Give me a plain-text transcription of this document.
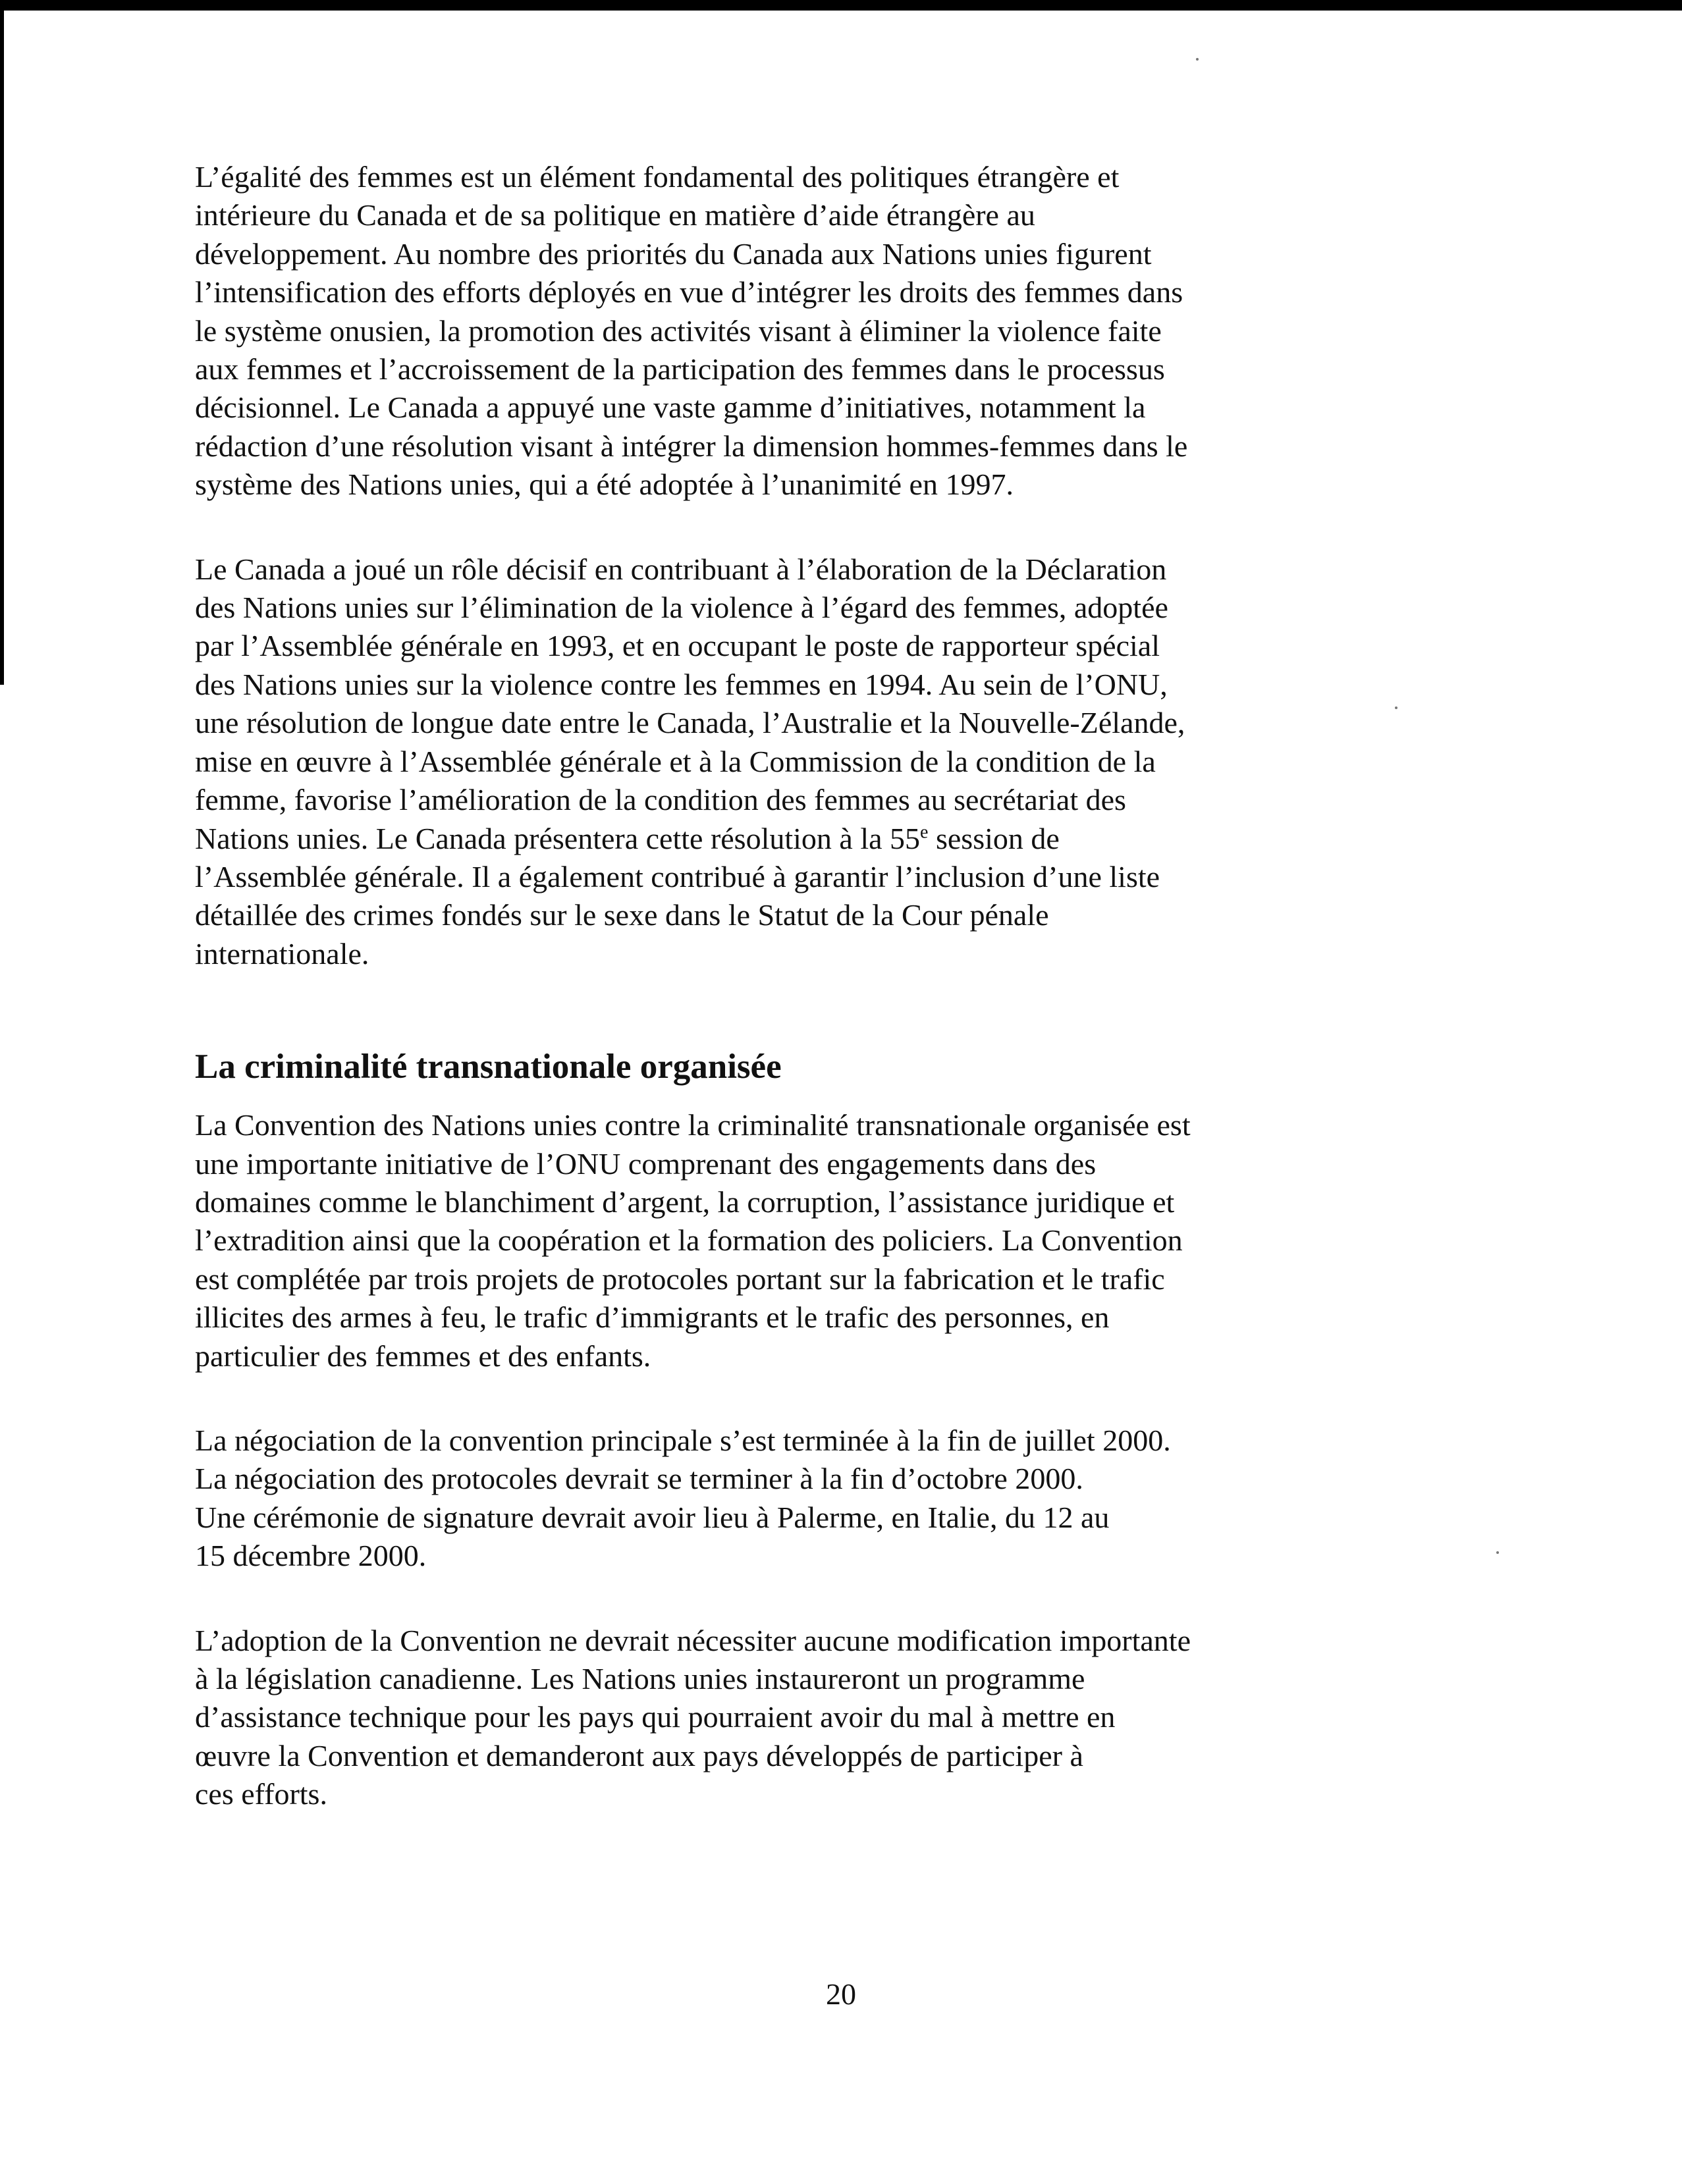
L’égalité des femmes est un élément fondamental des politiques étrangère et
intérieure du Canada et de sa politique en matière d’aide étrangère au
développement. Au nombre des priorités du Canada aux Nations unies figurent
l’intensification des efforts déployés en vue d’intégrer les droits des femmes dans
le système onusien, la promotion des activités visant à éliminer la violence faite
aux femmes et l’accroissement de la participation des femmes dans le processus
décisionnel. Le Canada a appuyé une vaste gamme d’initiatives, notamment la
rédaction d’une résolution visant à intégrer la dimension hommes-femmes dans le
système des Nations unies, qui a été adoptée à l’unanimité en 1997.

Le Canada a joué un rôle décisif en contribuant à l’élaboration de la Déclaration
des Nations unies sur l’élimination de la violence à l’égard des femmes, adoptée
par l’Assemblée générale en 1993, et en occupant le poste de rapporteur spécial
des Nations unies sur la violence contre les femmes en 1994. Au sein de l’ONU,
une résolution de longue date entre le Canada, l’Australie et la Nouvelle-Zélande,
mise en œuvre à l’Assemblée générale et à la Commission de la condition de la
femme, favorise l’amélioration de la condition des femmes au secrétariat des
Nations unies. Le Canada présentera cette résolution à la 55e session de
l’Assemblée générale. Il a également contribué à garantir l’inclusion d’une liste
détaillée des crimes fondés sur le sexe dans le Statut de la Cour pénale
internationale.

La criminalité transnationale organisée

La Convention des Nations unies contre la criminalité transnationale organisée est
une importante initiative de l’ONU comprenant des engagements dans des
domaines comme le blanchiment d’argent, la corruption, l’assistance juridique et
l’extradition ainsi que la coopération et la formation des policiers. La Convention
est complétée par trois projets de protocoles portant sur la fabrication et le trafic
illicites des armes à feu, le trafic d’immigrants et le trafic des personnes, en
particulier des femmes et des enfants.

La négociation de la convention principale s’est terminée à la fin de juillet 2000.
La négociation des protocoles devrait se terminer à la fin d’octobre 2000.
Une cérémonie de signature devrait avoir lieu à Palerme, en Italie, du 12 au
15 décembre 2000.

L’adoption de la Convention ne devrait nécessiter aucune modification importante
à la législation canadienne. Les Nations unies instaureront un programme
d’assistance technique pour les pays qui pourraient avoir du mal à mettre en
œuvre la Convention et demanderont aux pays développés de participer à
ces efforts.

20
